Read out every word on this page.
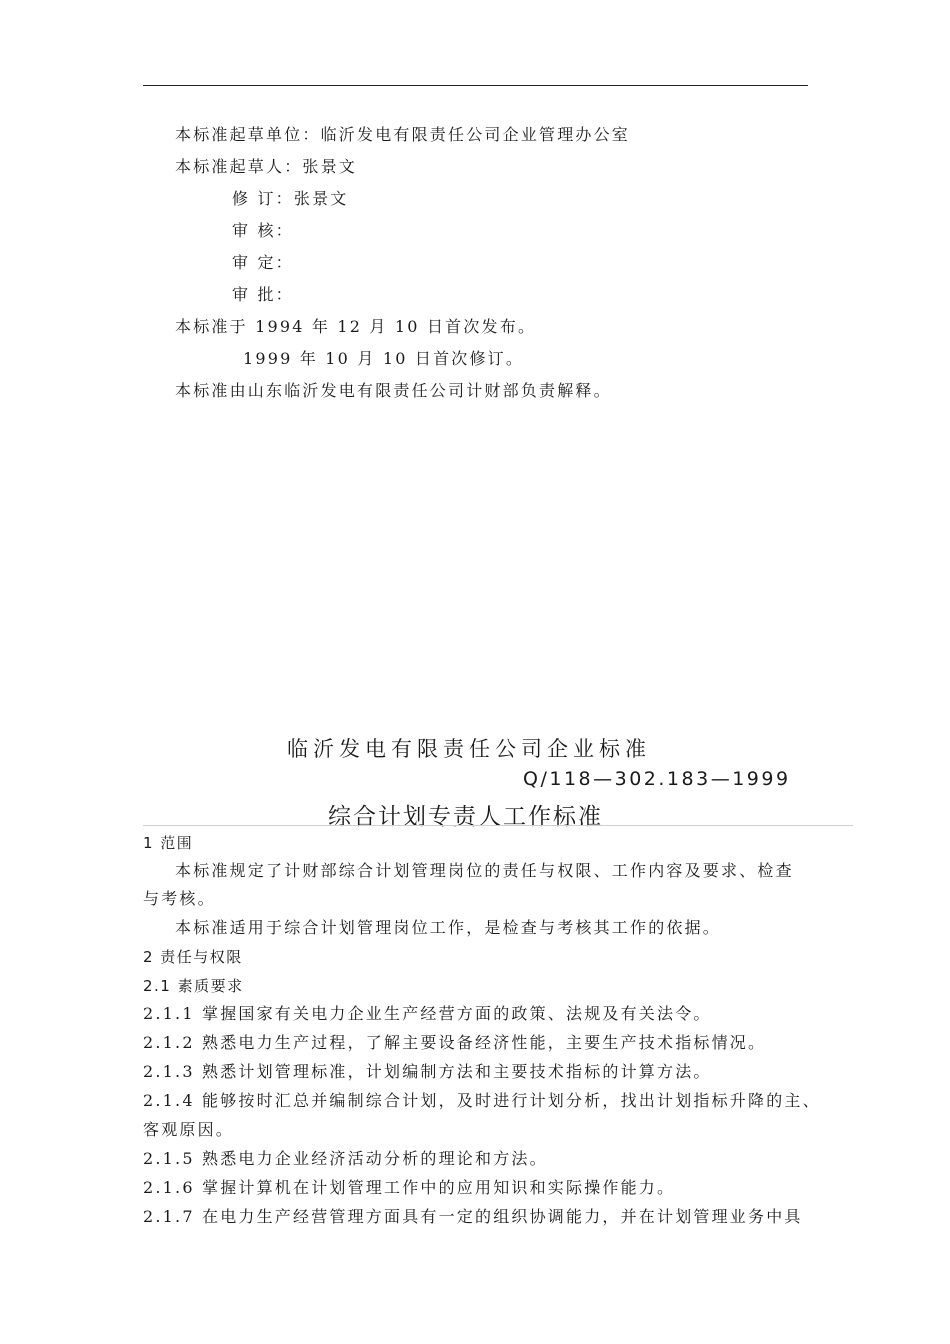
本标准起草单位：临沂发电有限责任公司企业管理办公室
本标准起草人：张景文
修 订：张景文
审 核：
审 定：
审 批：
本标准于 1994 年 12 月 10 日首次发布。
1999 年 10 月 10 日首次修订。
本标准由山东临沂发电有限责任公司计财部负责解释。
临沂发电有限责任公司企业标准
Q/118—302.183—1999
综合计划专责人工作标准
1 范围
本标准规定了计财部综合计划管理岗位的责任与权限、工作内容及要求、检查
与考核。
本标准适用于综合计划管理岗位工作，是检查与考核其工作的依据。
2 责任与权限
2.1 素质要求
2.1.1 掌握国家有关电力企业生产经营方面的政策、法规及有关法令。
2.1.2 熟悉电力生产过程，了解主要设备经济性能，主要生产技术指标情况。
2.1.3 熟悉计划管理标准，计划编制方法和主要技术指标的计算方法。
2.1.4 能够按时汇总并编制综合计划，及时进行计划分析，找出计划指标升降的主、
客观原因。
2.1.5 熟悉电力企业经济活动分析的理论和方法。
2.1.6 掌握计算机在计划管理工作中的应用知识和实际操作能力。
2.1.7 在电力生产经营管理方面具有一定的组织协调能力，并在计划管理业务中具
